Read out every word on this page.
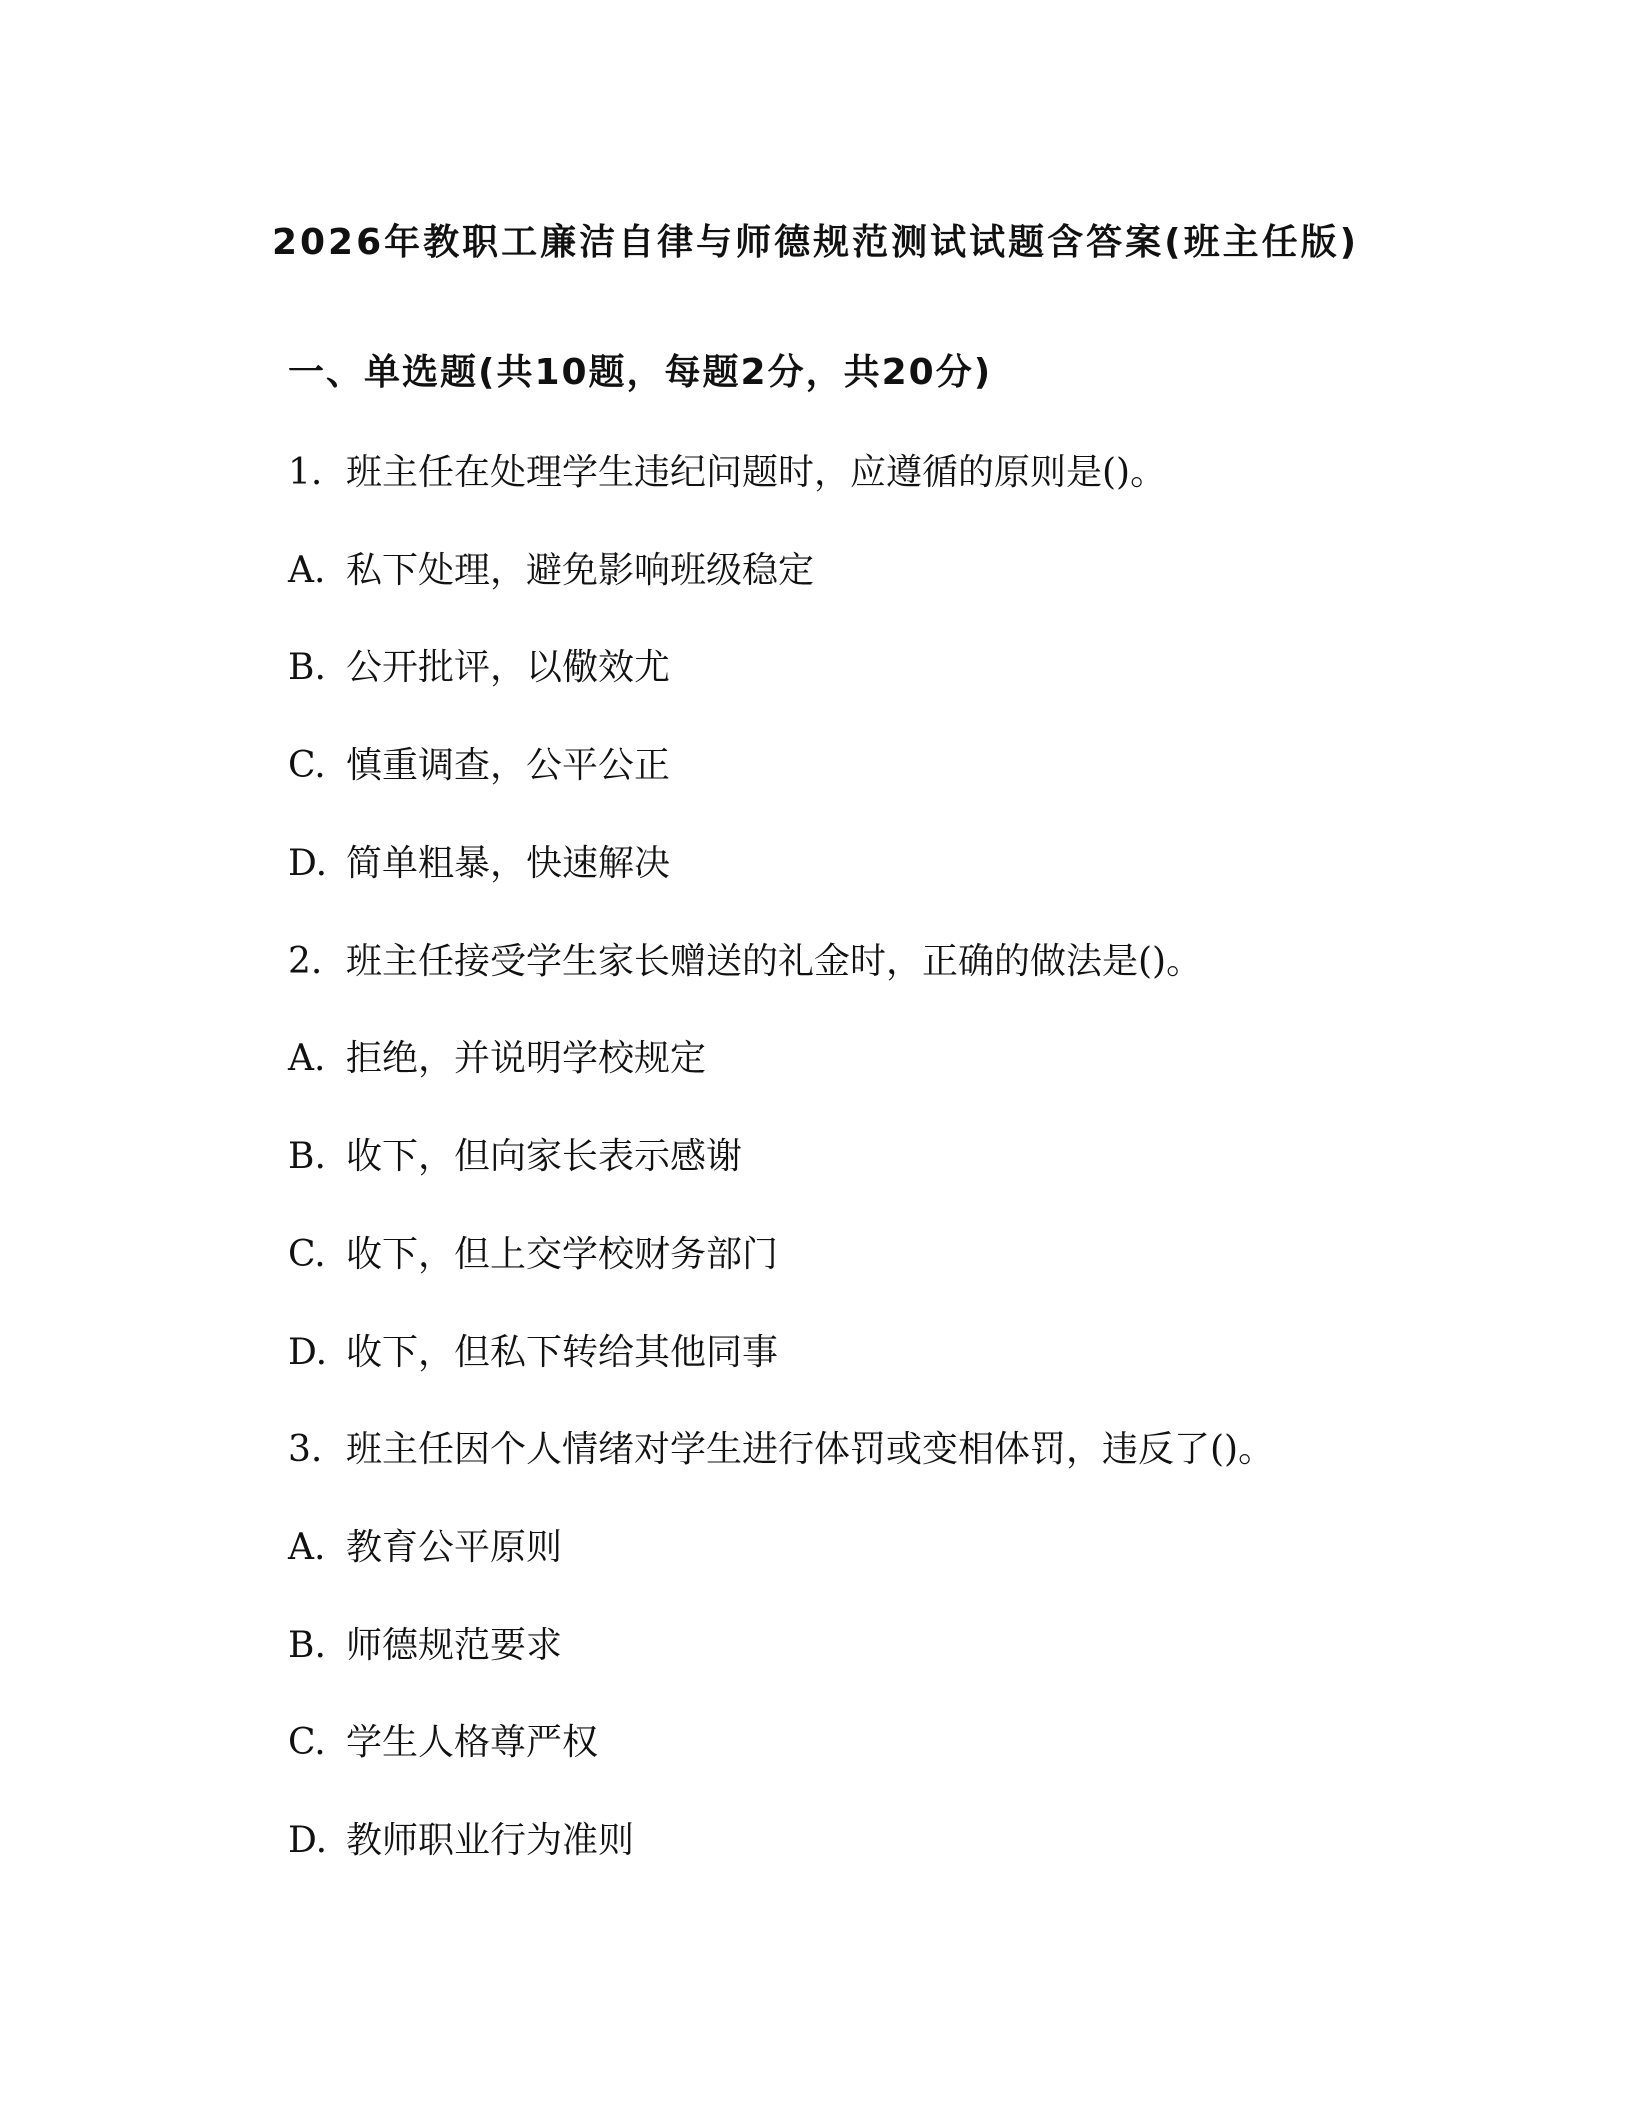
2026年教职工廉洁自律与师德规范测试试题含答案(班主任版)
一、单选题(共10题，每题2分，共20分)
1. 班主任在处理学生违纪问题时，应遵循的原则是()。
A. 私下处理，避免影响班级稳定
B. 公开批评，以儆效尤
C. 慎重调查，公平公正
D. 简单粗暴，快速解决
2. 班主任接受学生家长赠送的礼金时，正确的做法是()。
A. 拒绝，并说明学校规定
B. 收下，但向家长表示感谢
C. 收下，但上交学校财务部门
D. 收下，但私下转给其他同事
3. 班主任因个人情绪对学生进行体罚或变相体罚，违反了()。
A. 教育公平原则
B. 师德规范要求
C. 学生人格尊严权
D. 教师职业行为准则
